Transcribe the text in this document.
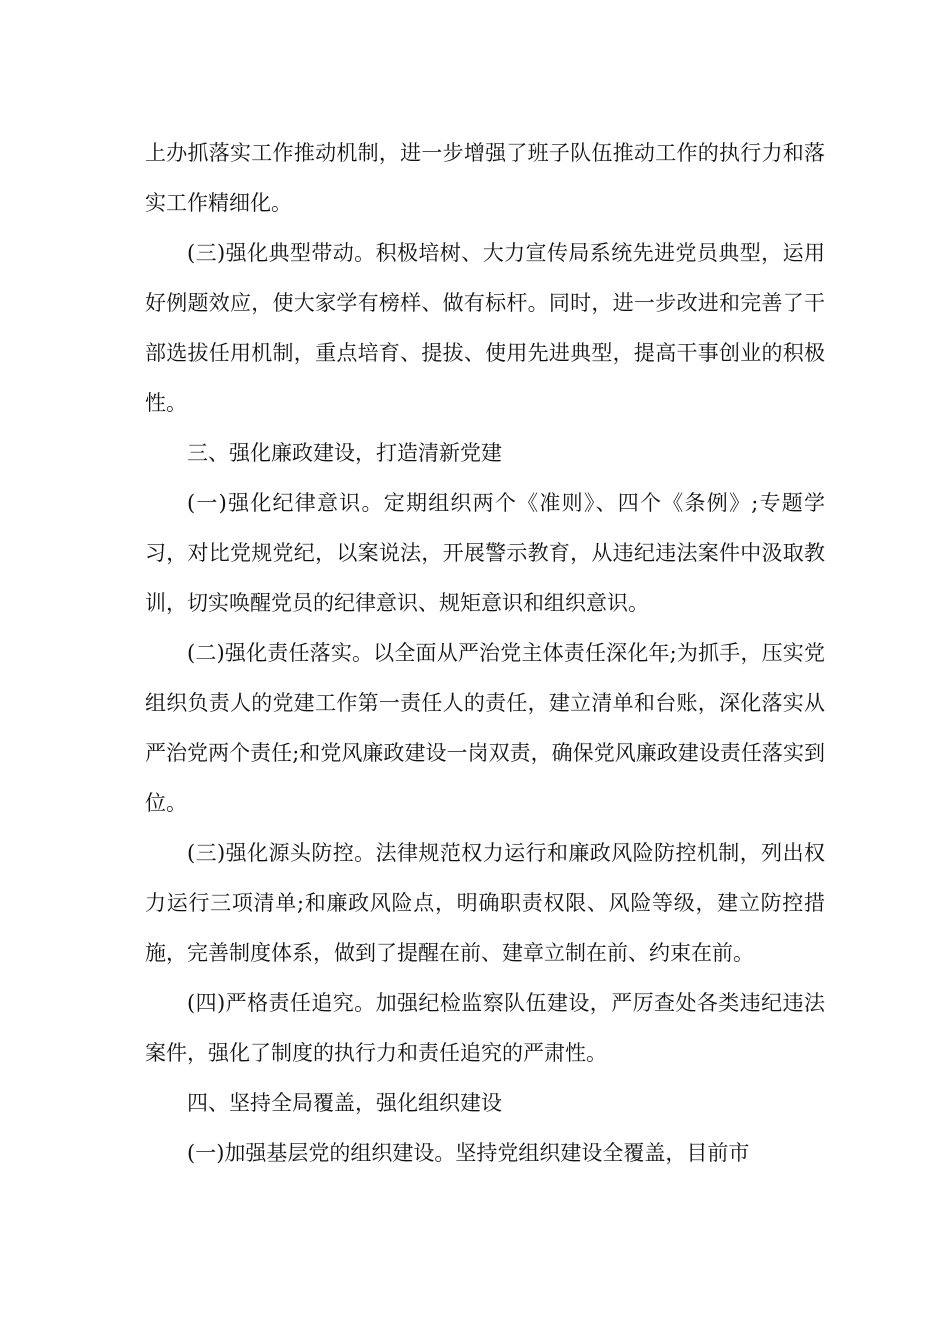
上办抓落实工作推动机制，进一步增强了班子队伍推动工作的执行力和落实工作精细化。

(三)强化典型带动。积极培树、大力宣传局系统先进党员典型，运用好例题效应，使大家学有榜样、做有标杆。同时，进一步改进和完善了干部选拔任用机制，重点培育、提拔、使用先进典型，提高干事创业的积极性。

三、强化廉政建设，打造清新党建

(一)强化纪律意识。定期组织两个《准则》、四个《条例》;专题学习，对比党规党纪，以案说法，开展警示教育，从违纪违法案件中汲取教训，切实唤醒党员的纪律意识、规矩意识和组织意识。

(二)强化责任落实。以全面从严治党主体责任深化年;为抓手，压实党组织负责人的党建工作第一责任人的责任，建立清单和台账，深化落实从严治党两个责任;和党风廉政建设一岗双责，确保党风廉政建设责任落实到位。

(三)强化源头防控。法律规范权力运行和廉政风险防控机制，列出权力运行三项清单;和廉政风险点，明确职责权限、风险等级，建立防控措施，完善制度体系，做到了提醒在前、建章立制在前、约束在前。

(四)严格责任追究。加强纪检监察队伍建设，严厉查处各类违纪违法案件，强化了制度的执行力和责任追究的严肃性。

四、坚持全局覆盖，强化组织建设

(一)加强基层党的组织建设。坚持党组织建设全覆盖，目前市
